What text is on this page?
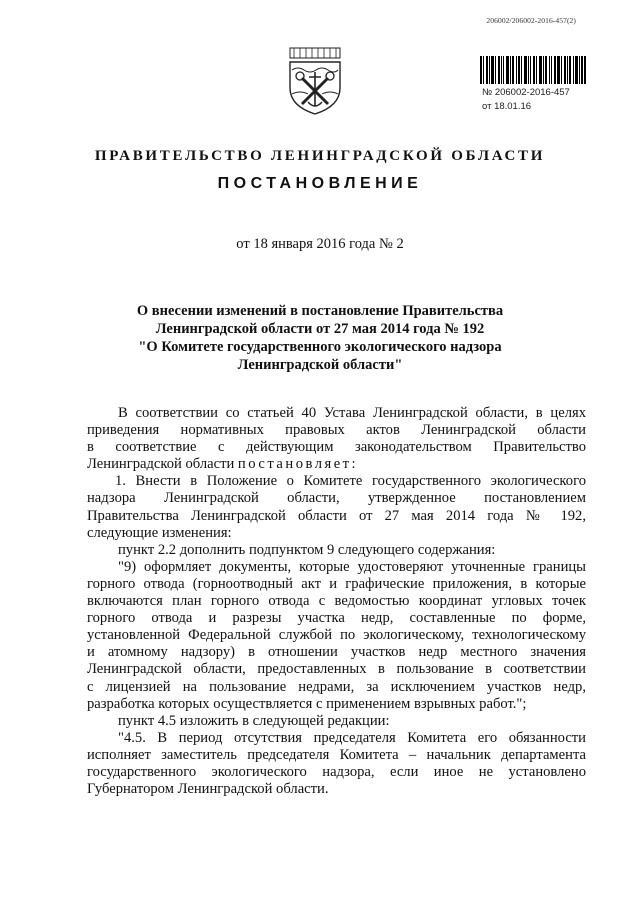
206002/206002-2016-457(2)
№ 206002-2016-457
от 18.01.16
ПРАВИТЕЛЬСТВО ЛЕНИНГРАДСКОЙ ОБЛАСТИ
ПОСТАНОВЛЕНИЕ
от 18 января 2016 года № 2
О внесении изменений в постановление Правительства
Ленинградской области от 27 мая 2014 года № 192
"О Комитете государственного экологического надзора
Ленинградской области"
В соответствии со статьей 40 Устава Ленинградской области, в целях
приведения нормативных правовых актов Ленинградской области
в соответствие с действующим законодательством Правительство
Ленинградской области постановляет:
1. Внести в Положение о Комитете государственного экологического
надзора Ленинградской области, утвержденное постановлением
Правительства Ленинградской области от 27 мая 2014 года № 192,
следующие изменения:
пункт 2.2 дополнить подпунктом 9 следующего содержания:
"9) оформляет документы, которые удостоверяют уточненные границы
горного отвода (горноотводный акт и графические приложения, в которые
включаются план горного отвода с ведомостью координат угловых точек
горного отвода и разрезы участка недр, составленные по форме,
установленной Федеральной службой по экологическому, технологическому
и атомному надзору) в отношении участков недр местного значения
Ленинградской области, предоставленных в пользование в соответствии
с лицензией на пользование недрами, за исключением участков недр,
разработка которых осуществляется с применением взрывных работ.";
пункт 4.5 изложить в следующей редакции:
"4.5. В период отсутствия председателя Комитета его обязанности
исполняет заместитель председателя Комитета – начальник департамента
государственного экологического надзора, если иное не установлено
Губернатором Ленинградской области.
